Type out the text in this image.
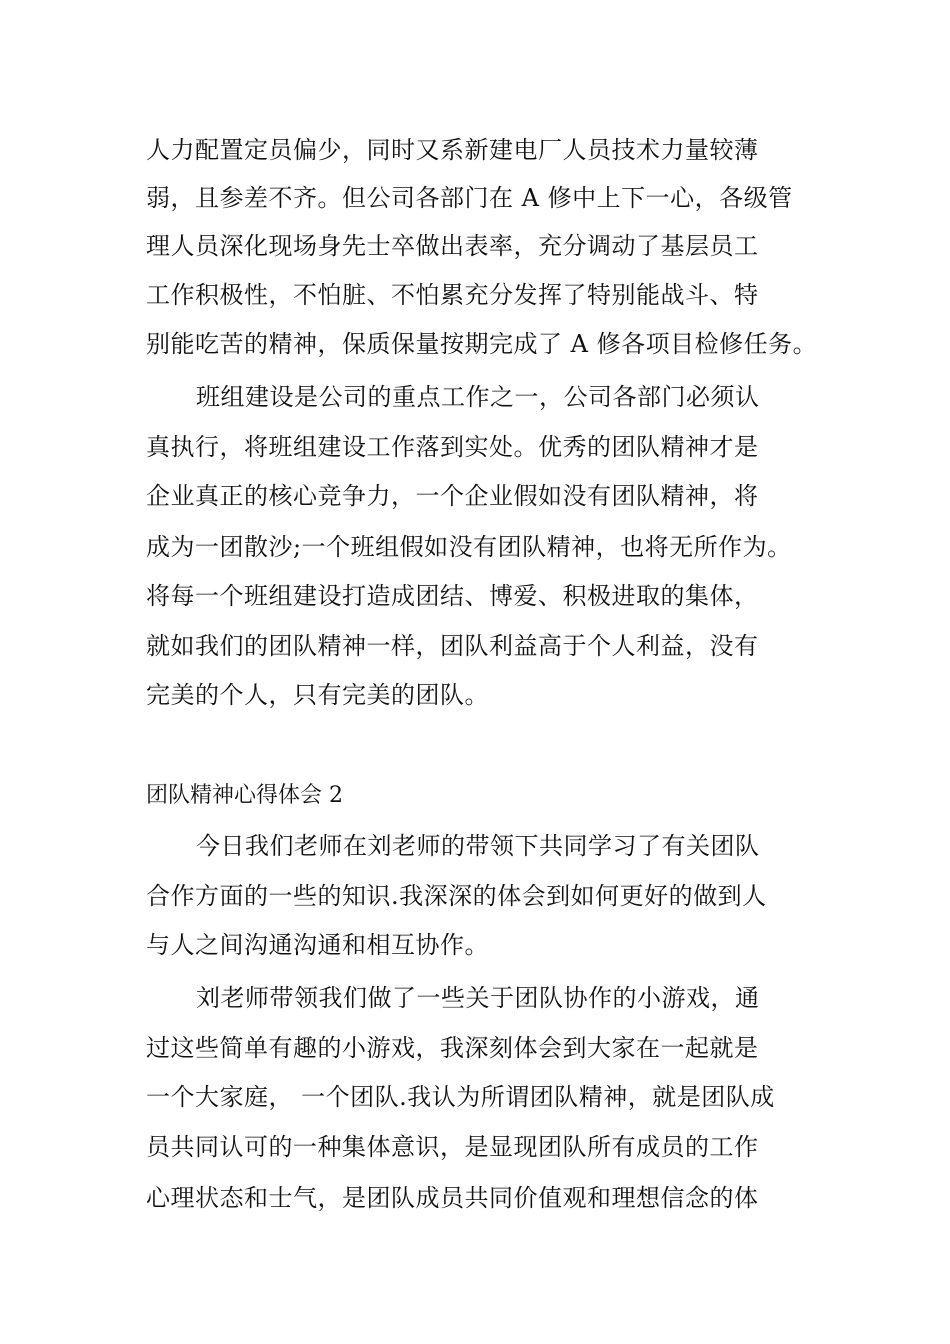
人力配置定员偏少，同时又系新建电厂人员技术力量较薄
弱，且参差不齐。但公司各部门在 A 修中上下一心，各级管
理人员深化现场身先士卒做出表率，充分调动了基层员工
工作积极性，不怕脏、不怕累充分发挥了特别能战斗、特
别能吃苦的精神，保质保量按期完成了 A 修各项目检修任务。
班组建设是公司的重点工作之一，公司各部门必须认
真执行，将班组建设工作落到实处。优秀的团队精神才是
企业真正的核心竞争力，一个企业假如没有团队精神，将
成为一团散沙;一个班组假如没有团队精神，也将无所作为。
将每一个班组建设打造成团结、博爱、积极进取的集体，
就如我们的团队精神一样，团队利益高于个人利益，没有
完美的个人，只有完美的团队。
团队精神心得体会 2
今日我们老师在刘老师的带领下共同学习了有关团队
合作方面的一些的知识.我深深的体会到如何更好的做到人
与人之间沟通沟通和相互协作。
刘老师带领我们做了一些关于团队协作的小游戏，通
过这些简单有趣的小游戏，我深刻体会到大家在一起就是
一个大家庭， 一个团队.我认为所谓团队精神，就是团队成
员共同认可的一种集体意识，是显现团队所有成员的工作
心理状态和士气，是团队成员共同价值观和理想信念的体
